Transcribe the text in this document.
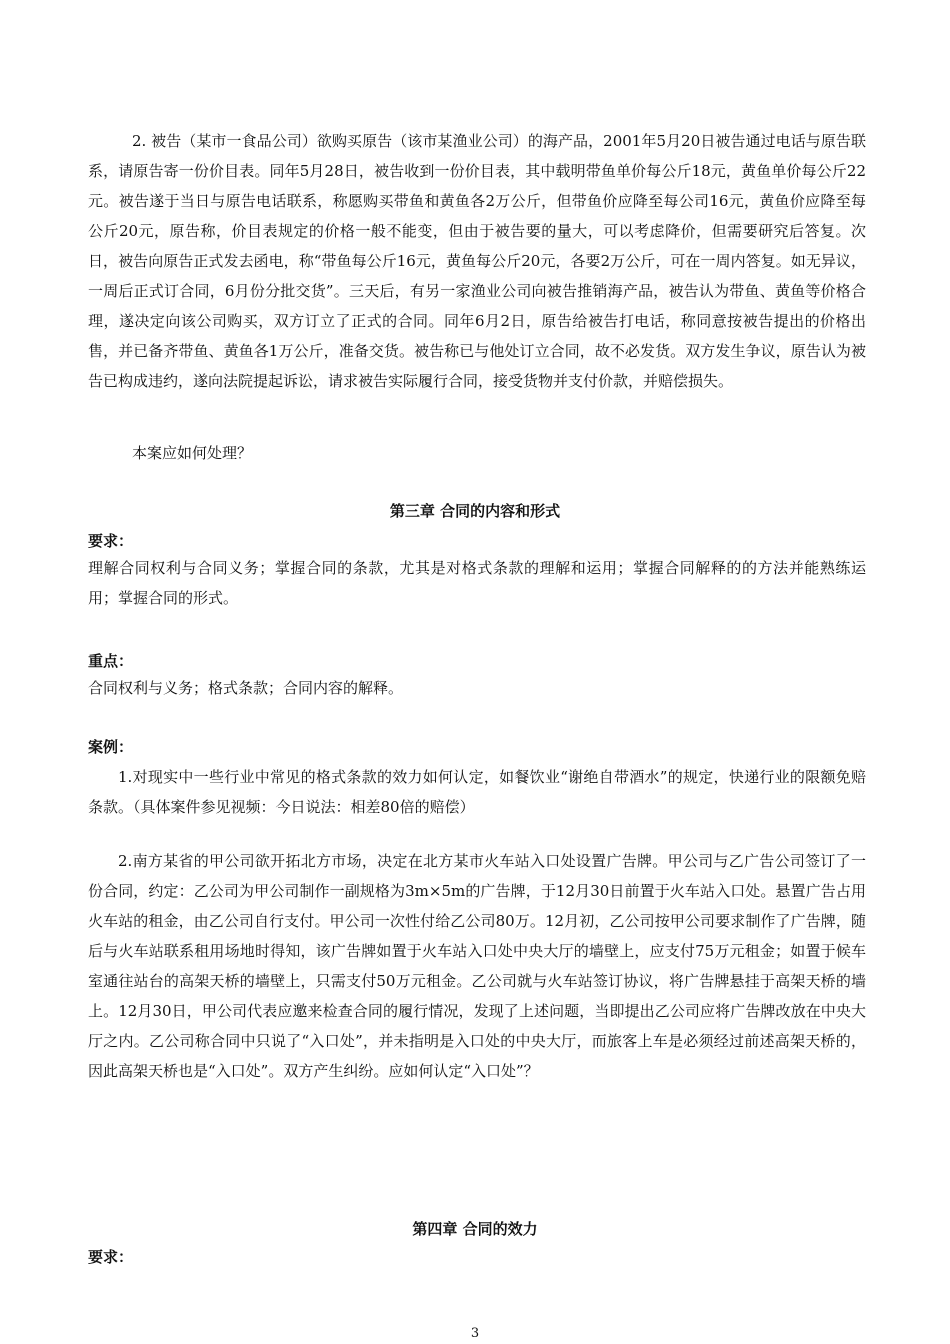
2. 被告（某市一食品公司）欲购买原告（该市某渔业公司）的海产品，2001年5月20日被告通过电话与原告联系，请原告寄一份价目表。同年5月28日，被告收到一份价目表，其中载明带鱼单价每公斤18元，黄鱼单价每公斤22元。被告遂于当日与原告电话联系，称愿购买带鱼和黄鱼各2万公斤，但带鱼价应降至每公司16元，黄鱼价应降至每公斤20元，原告称，价目表规定的价格一般不能变，但由于被告要的量大，可以考虑降价，但需要研究后答复。次日，被告向原告正式发去函电，称“带鱼每公斤16元，黄鱼每公斤20元，各要2万公斤，可在一周内答复。如无异议，一周后正式订合同，6月份分批交货”。三天后，有另一家渔业公司向被告推销海产品，被告认为带鱼、黄鱼等价格合理，遂决定向该公司购买，双方订立了正式的合同。同年6月2日，原告给被告打电话，称同意按被告提出的价格出售，并已备齐带鱼、黄鱼各1万公斤，准备交货。被告称已与他处订立合同，故不必发货。双方发生争议，原告认为被告已构成违约，遂向法院提起诉讼，请求被告实际履行合同，接受货物并支付价款，并赔偿损失。

本案应如何处理？

第三章 合同的内容和形式

要求：

理解合同权利与合同义务；掌握合同的条款，尤其是对格式条款的理解和运用；掌握合同解释的的方法并能熟练运用；掌握合同的形式。

重点：

合同权利与义务；格式条款；合同内容的解释。

案例：

1.对现实中一些行业中常见的格式条款的效力如何认定，如餐饮业“谢绝自带酒水”的规定，快递行业的限额免赔条款。（具体案件参见视频：今日说法：相差80倍的赔偿）

2.南方某省的甲公司欲开拓北方市场，决定在北方某市火车站入口处设置广告牌。甲公司与乙广告公司签订了一份合同，约定：乙公司为甲公司制作一副规格为3m×5m的广告牌，于12月30日前置于火车站入口处。悬置广告占用火车站的租金，由乙公司自行支付。甲公司一次性付给乙公司80万。12月初，乙公司按甲公司要求制作了广告牌，随后与火车站联系租用场地时得知，该广告牌如置于火车站入口处中央大厅的墙壁上，应支付75万元租金；如置于候车室通往站台的高架天桥的墙壁上，只需支付50万元租金。乙公司就与火车站签订协议，将广告牌悬挂于高架天桥的墙上。12月30日，甲公司代表应邀来检查合同的履行情况，发现了上述问题，当即提出乙公司应将广告牌改放在中央大厅之内。乙公司称合同中只说了“入口处”，并未指明是入口处的中央大厅，而旅客上车是必须经过前述高架天桥的，因此高架天桥也是“入口处”。双方产生纠纷。应如何认定“入口处”？

第四章 合同的效力

要求：

3
